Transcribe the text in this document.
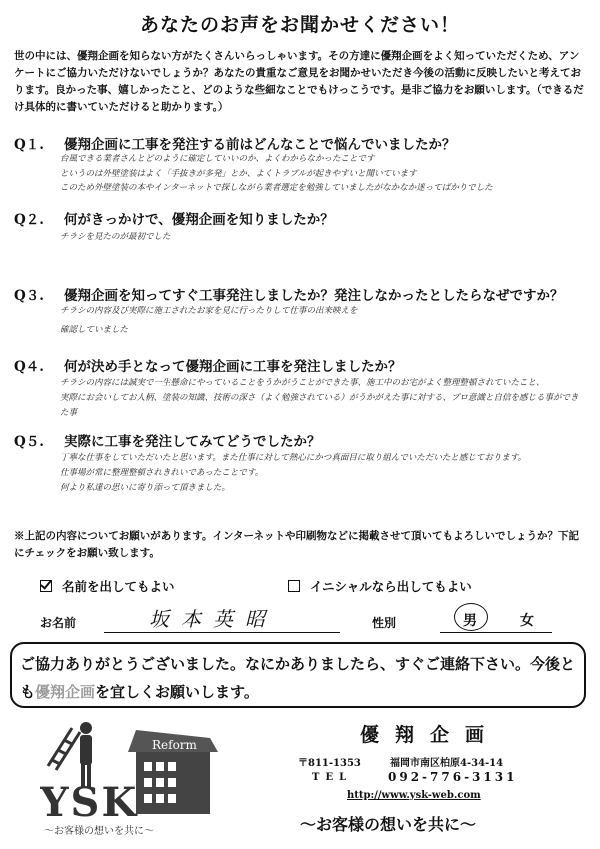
あなたのお声をお聞かせください！
世の中には、優翔企画を知らない方がたくさんいらっしゃいます。その方達に優翔企画をよく知っていただくため、アンケートにご協力いただけないでしょうか？あなたの貴重なご意見をお聞かせいただき今後の活動に反映したいと考えております。良かった事、嬉しかったこと、どのような些細なことでもけっこうです。是非ご協力をお願いします。（できるだけ具体的に書いていただけると助かります。）
Q１. 優翔企画に工事を発注する前はどんなことで悩んでいましたか？
台風できる業者さんとどのように確定していいのか、よくわからなかったことです
というのは外壁塗装はよく「手抜きが多発」とか、よくトラブルが起きやすいと聞いています
このため外壁塗装の本やインターネットで探しながら業者選定を勉強していましたがなかなか迷ってばかりでした
Q２. 何がきっかけで、優翔企画を知りましたか？
チラシを見たのが最初でした
Q３. 優翔企画を知ってすぐ工事発注しましたか？発注しなかったとしたらなぜですか？
チラシの内容及び実際に施工されたお家を見に行ったりして仕事の出来映えを
確認していました
Q４. 何が決め手となって優翔企画に工事を発注しましたか？
チラシの内容には誠実で一生懸命にやっていることをうかがうことができた事、施工中のお宅がよく整理整頓されていたこと、
実際にお会いしてお人柄、塗装の知識、技術の深さ（よく勉強されている）がうかがえた事に対する、プロ意識と自信を感じる事ができた事
Q５. 実際に工事を発注してみてどうでしたか？
丁寧な仕事をしていただいたと思います。また仕事に対して熱心にかつ真面目に取り組んでいただいたと感じております。
仕事場が常に整理整頓されきれいであったことです。
何より私達の思いに寄り添って頂きました。
※上記の内容についてお願いがあります。インターネットや印刷物などに掲載させて頂いてもよろしいでしょうか？下記にチェックをお願い致します。
名前を出してもよい	イニシャルなら出してもよい
お名前	坂本英昭	性別	男	女
ご協力ありがとうございました。なにかありましたら、すぐご連絡下さい。今後とも優翔企画を宜しくお願いします。
Reform
YSK
～お客様の想いを共に～
優翔企画
〒811-1353	福岡市南区柏原4-34-14
TEL	092-776-3131
http://www.ysk-web.com
～お客様の想いを共に～
